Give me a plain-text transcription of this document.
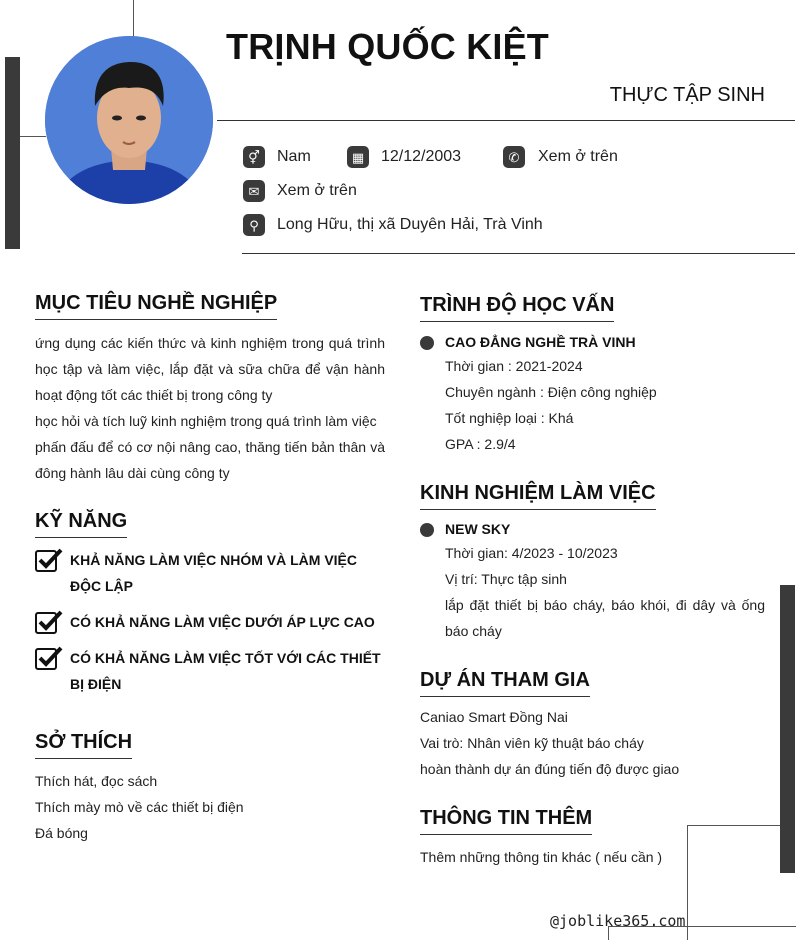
TRỊNH QUỐC KIỆT
THỰC TẬP SINH
⚥	Nam	▦	12/12/2003	✆	Xem ở trên
✉	Xem ở trên
⚲	Long Hữu, thị xã Duyên Hải, Trà Vinh
MỤC TIÊU NGHỀ NGHIỆP
ứng dụng các kiến thức và kinh nghiệm trong quá trình
học tập và làm việc, lắp đặt và sữa chữa để vận hành
hoạt động tốt các thiết bị trong công ty
học hỏi và tích luỹ kinh nghiệm trong quá trình làm việc
phấn đấu để có cơ nội nâng cao, thăng tiến bản thân và
đông hành lâu dài cùng công ty
KỸ NĂNG
KHẢ NĂNG LÀM VIỆC NHÓM VÀ LÀM VIỆC ĐỘC LẬP
CÓ KHẢ NĂNG LÀM VIỆC DƯỚI ÁP LỰC CAO
CÓ KHẢ NĂNG LÀM VIỆC TỐT VỚI CÁC THIẾT BỊ ĐIỆN
SỞ THÍCH
Thích hát, đọc sách
Thích mày mò về các thiết bị điện
Đá bóng
TRÌNH ĐỘ HỌC VẤN
CAO ĐẲNG NGHỀ TRÀ VINH
Thời gian : 2021-2024
Chuyên ngành : Điện công nghiệp
Tốt nghiệp loại : Khá
GPA : 2.9/4
KINH NGHIỆM LÀM VIỆC
NEW SKY
Thời gian: 4/2023 - 10/2023
Vị trí: Thực tập sinh
lắp đặt thiết bị báo cháy, báo khói, đi dây và ống báo cháy
DỰ ÁN THAM GIA
Caniao Smart Đồng Nai
Vai trò: Nhân viên kỹ thuật báo cháy
hoàn thành dự án đúng tiến độ được giao
THÔNG TIN THÊM
Thêm những thông tin khác ( nếu cần )
@joblike365.com
